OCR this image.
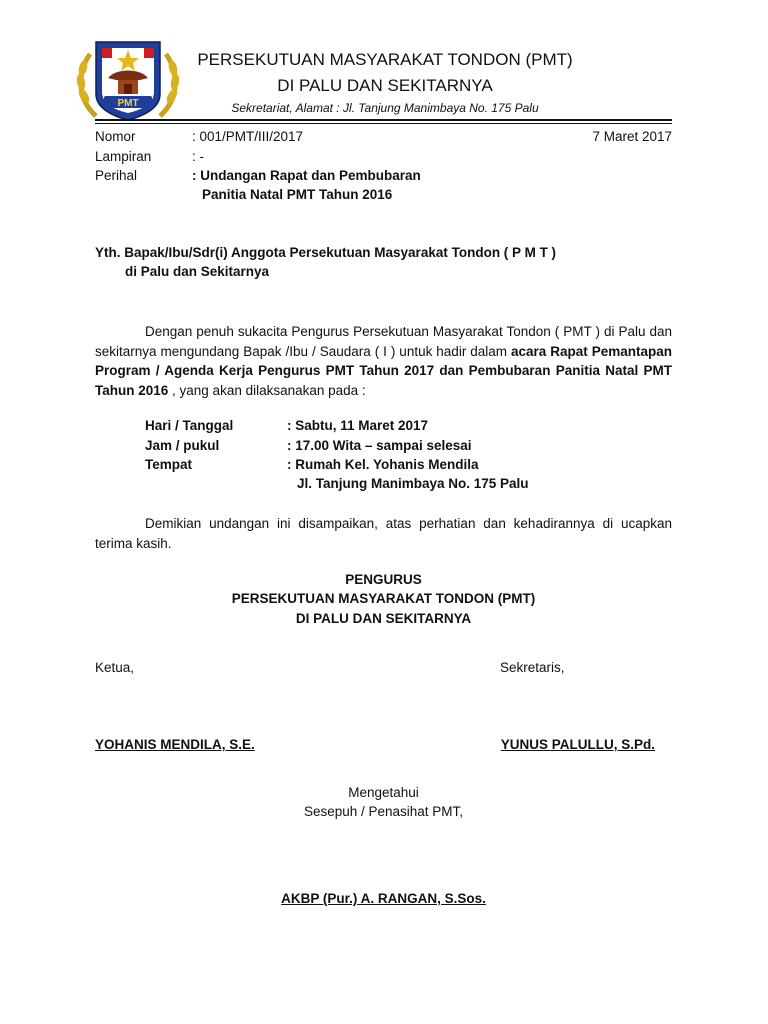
PMT
PERSEKUTUAN MASYARAKAT TONDON (PMT)
DI PALU DAN SEKITARNYA
Sekretariat, Alamat : Jl. Tanjung Manimbaya No. 175 Palu
Nomor	: 001/PMT/III/2017	7 Maret 2017
Lampiran	: -
Perihal	: Undangan Rapat dan Pembubaran
Panitia Natal PMT Tahun 2016
Yth. Bapak/Ibu/Sdr(i) Anggota Persekutuan Masyarakat Tondon ( P M T )
di Palu dan Sekitarnya
Dengan penuh sukacita Pengurus Persekutuan Masyarakat Tondon ( PMT ) di Palu dan sekitarnya mengundang Bapak /Ibu / Saudara ( I ) untuk hadir dalam acara Rapat Pemantapan Program / Agenda Kerja Pengurus PMT Tahun 2017 dan Pembubaran Panitia Natal PMT Tahun 2016 , yang akan dilaksanakan pada :
Hari / Tanggal	: Sabtu, 11 Maret 2017
Jam / pukul	: 17.00 Wita – sampai selesai
Tempat	: Rumah Kel. Yohanis Mendila
Jl. Tanjung Manimbaya No. 175 Palu
Demikian undangan ini disampaikan, atas perhatian dan kehadirannya di ucapkan terima kasih.
PENGURUS
PERSEKUTUAN MASYARAKAT TONDON (PMT)
DI PALU DAN SEKITARNYA
Ketua,	Sekretaris,
YOHANIS MENDILA, S.E.	YUNUS PALULLU, S.Pd.
Mengetahui
Sesepuh / Penasihat PMT,
AKBP (Pur.) A. RANGAN, S.Sos.
